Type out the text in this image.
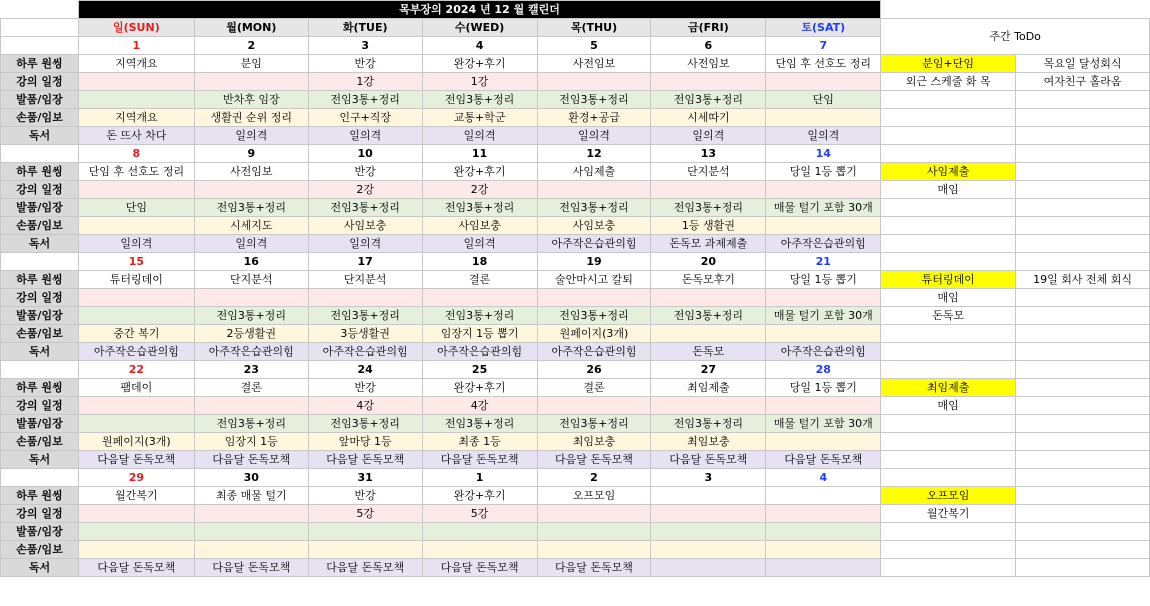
	목부장의 2024 년 12 월 캘린더								
	일(SUN)	월(MON)	화(TUE)	수(WED)	목(THU)	금(FRI)	토(SAT)	주간 ToDo	
	1	2	3	4	5	6	7		
하루 원씽	지역개요	분임	반강	완강+후기	사전임보	사전임보	단임 후 선호도 정리	분임+단임	목요일 달성회식
강의 일정			1강	1강				외근 스케줄 화 목	여자친구 홀라옴
발품/임장		반차후 임장	전임3통+정리	전임3통+정리	전임3통+정리	전임3통+정리	단임		
손품/임보	지역개요	생활권 순위 정리	인구+직장	교통+학군	환경+공급	시세따기			
독서	돈 뜨사 차다	일의격	일의격	일의격	일의격	일의격	일의격		
	8	9	10	11	12	13	14		
하루 원씽	단임 후 선호도 정리	사전임보	반강	완강+후기	사임제출	단지분석	당일 1등 뽑기	사임제출	
강의 일정			2강	2강				매임	
발품/임장	단임	전임3통+정리	전임3통+정리	전임3통+정리	전임3통+정리	전임3통+정리	매물 털기 포함 30개		
손품/임보		시세지도	사임보충	사임보충	사임보충	1등 생활권			
독서	일의격	일의격	일의격	일의격	아주작은습관의힘	돈독모 과제제출	아주작은습관의힘		
	15	16	17	18	19	20	21		
하루 원씽	튜터링데이	단지분석	단지분석	결론	술안마시고 칼퇴	돈독모후기	당일 1등 뽑기	튜터링데이	19일 회사 전체 회식
강의 일정								매임	
발품/임장		전임3통+정리	전임3통+정리	전임3통+정리	전임3통+정리	전임3통+정리	매물 털기 포함 30개	돈독모	
손품/임보	중간 복기	2등생활권	3등생활권	임장지 1등 뽑기	원페이지(3개)				
독서	아주작은습관의힘	아주작은습관의힘	아주작은습관의힘	아주작은습관의힘	아주작은습관의힘	돈독모	아주작은습관의힘		
	22	23	24	25	26	27	28		
하루 원씽	팸데이	결론	반강	완강+후기	결론	최임제출	당일 1등 뽑기	최임제출	
강의 일정			4강	4강				매임	
발품/임장		전임3통+정리	전임3통+정리	전임3통+정리	전임3통+정리	전임3통+정리	매물 털기 포함 30개		
손품/임보	원페이지(3개)	임장지 1등	앞마당 1등	최종 1등	최임보충	최임보충			
독서	다음달 돈독모책	다음달 돈독모책	다음달 돈독모책	다음달 돈독모책	다음달 돈독모책	다음달 돈독모책	다음달 돈독모책		
	29	30	31	1	2	3	4		
하루 원씽	월간복기	최종 매물 털기	반강	완강+후기	오프모임			오프모임	
강의 일정			5강	5강				월간복기	
발품/임장									
손품/임보									
독서	다음달 돈독모책	다음달 돈독모책	다음달 돈독모책	다음달 돈독모책	다음달 돈독모책				
